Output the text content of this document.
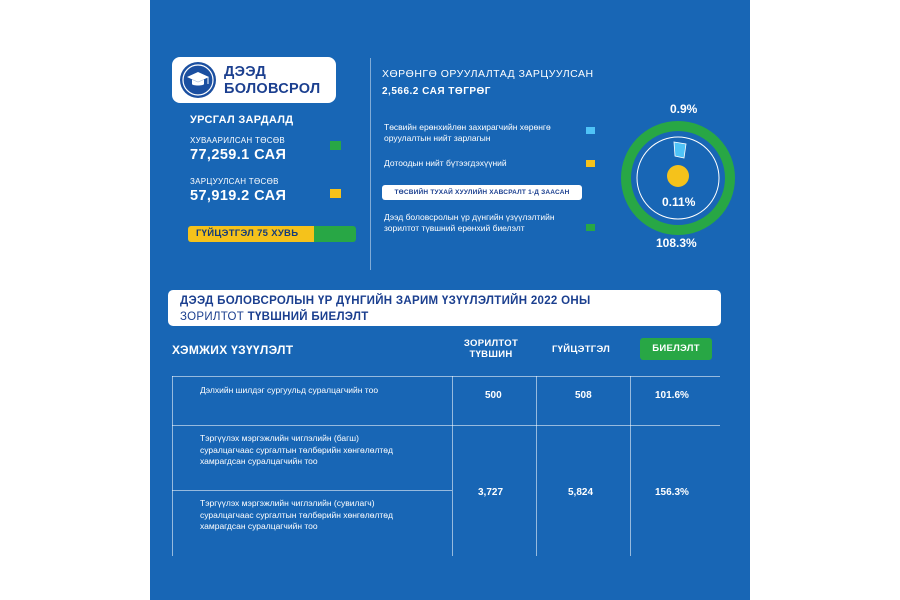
ДЭЭД БОЛОВСРОЛ
УРСГАЛ ЗАРДАЛД
ХУВААРИЛСАН ТӨСӨВ
77,259.1 САЯ
ЗАРЦУУЛСАН ТӨСӨВ
57,919.2 САЯ
ГҮЙЦЭТГЭЛ 75 ХУВЬ
ХӨРӨНГӨ ОРУУЛАЛТАД ЗАРЦУУЛСАН
2,566.2 САЯ ТӨГРӨГ
Төсвийн ерөнхийлөн захирагчийн хөрөнгө оруулалтын нийт зарлагын
Дотоодын нийт бүтээгдэхүүний
ТӨСВИЙН ТУХАЙ ХУУЛИЙН ХАВСРАЛТ 1-Д ЗААСАН
Дээд боловсролын үр дүнгийн үзүүлэлтийн зорилтот түвшний ерөнхий биелэлт
0.9%
0.11%
108.3%
ДЭЭД БОЛОВСРОЛЫН ҮР ДҮНГИЙН ЗАРИМ ҮЗҮҮЛЭЛТИЙН 2022 ОНЫ
ЗОРИЛТОТ ТҮВШНИЙ БИЕЛЭЛТ
ХЭМЖИХ ҮЗҮҮЛЭЛТ	ЗОРИЛТОТ ТҮВШИН	ГҮЙЦЭТГЭЛ	БИЕЛЭЛТ
Дэлхийн шилдэг сургуульд суралцагчийн тоо	500	508	101.6%
Тэргүүлэх мэргэжлийн чиглэлийн (багш) суралцагчаас сургалтын төлбөрийн хөнгөлөлтөд хамрагдсан суралцагчийн тоо
Тэргүүлэх мэргэжлийн чиглэлийн (сувилагч) суралцагчаас сургалтын төлбөрийн хөнгөлөлтөд хамрагдсан суралцагчийн тоо
3,727	5,824	156.3%
